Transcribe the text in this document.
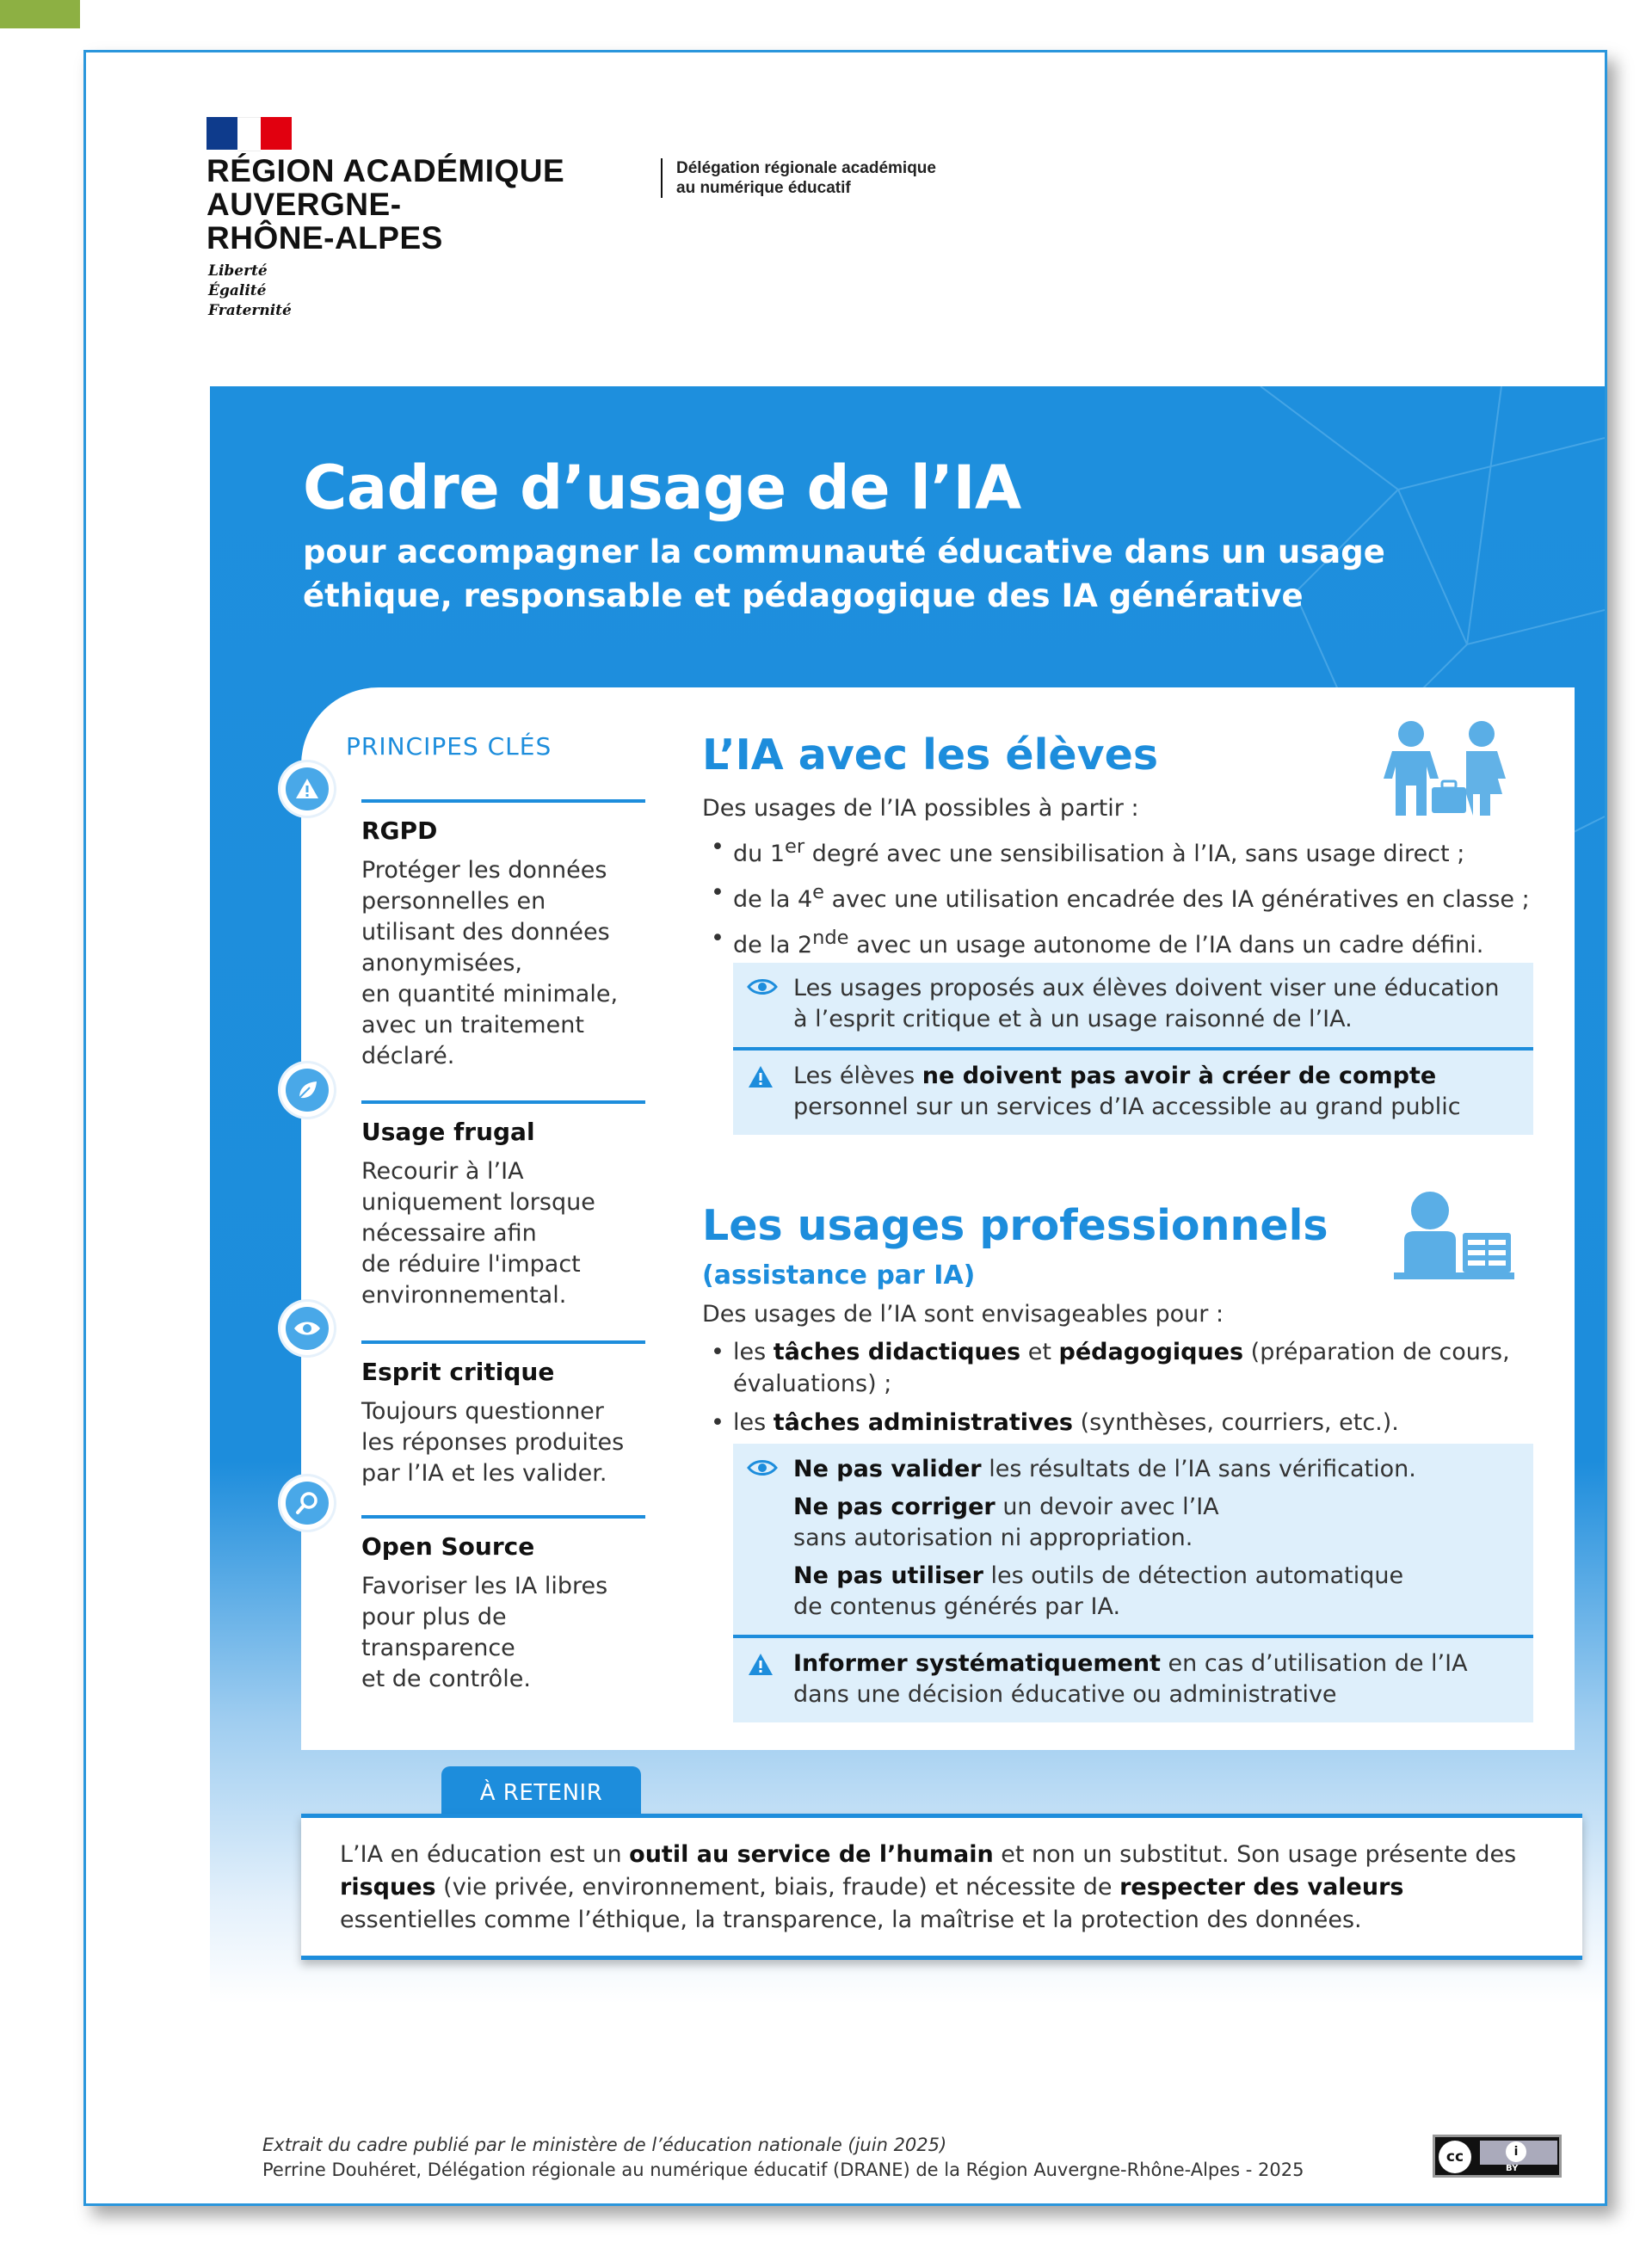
RÉGION ACADÉMIQUE
AUVERGNE-
RHÔNE-ALPES
Liberté
Égalité
Fraternité
Délégation régionale académique
au numérique éducatif
Cadre d’usage de l’IA
pour accompagner la communauté éducative dans un usage
éthique, responsable et pédagogique des IA générative
PRINCIPES CLÉS
RGPD
Protéger les données
personnelles en
utilisant des données
anonymisées,
en quantité minimale,
avec un traitement
déclaré.
Usage frugal
Recourir à l’IA
uniquement lorsque
nécessaire afin
de réduire l'impact
environnemental.
Esprit critique
Toujours questionner
les réponses produites
par l’IA et les valider.
Open Source
Favoriser les IA libres
pour plus de
transparence
et de contrôle.
L’IA avec les élèves
Des usages de l’IA possibles à partir :
• du 1er degré avec une sensibilisation à l’IA, sans usage direct ;
• de la 4e avec une utilisation encadrée des IA génératives en classe ;
• de la 2nde avec un usage autonome de l’IA dans un cadre défini.

Les usages proposés aux élèves doivent viser une éducation
à l’esprit critique et à un usage raisonné de l’IA.

Les élèves ne doivent pas avoir à créer de compte personnel sur un services d’IA accessible au grand public

Les usages professionnels
(assistance par IA)
Des usages de l’IA sont envisageables pour :
• les tâches didactiques et pédagogiques (préparation de cours, évaluations) ;
• les tâches administratives (synthèses, courriers, etc.).

Ne pas valider les résultats de l’IA sans vérification.

Ne pas corriger un devoir avec l’IA
sans autorisation ni appropriation.

Ne pas utiliser les outils de détection automatique
de contenus générés par IA.

Informer systématiquement en cas d’utilisation de l’IA
dans une décision éducative ou administrative

À RETENIR
L’IA en éducation est un outil au service de l’humain et non un substitut. Son usage présente des risques (vie privée, environnement, biais, fraude) et nécessite de respecter des valeurs essentielles comme l’éthique, la transparence, la maîtrise et la protection des données.
Extrait du cadre publié par le ministère de l’éducation nationale (juin 2025)
Perrine Douhéret, Délégation régionale au numérique éducatif (DRANE) de la Région Auvergne-Rhône-Alpes - 2025
cc	i
BY
